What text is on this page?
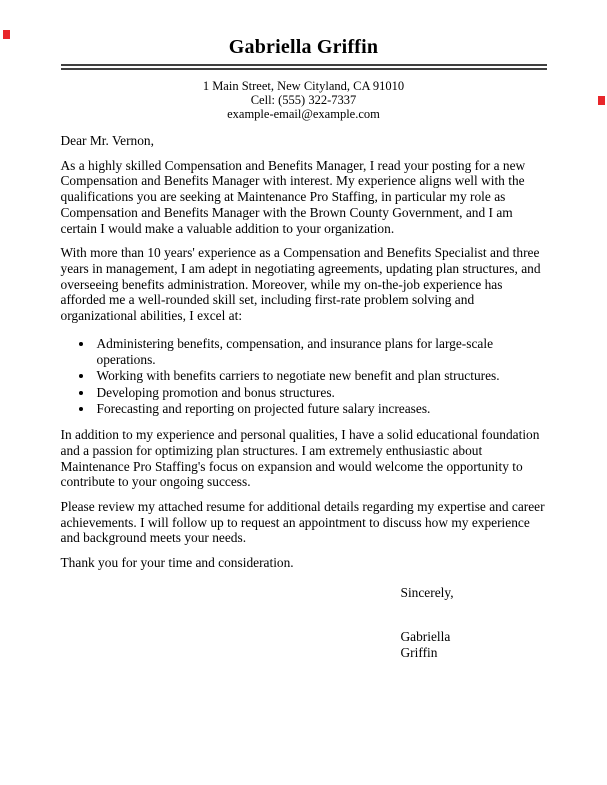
Gabriella Griffin
1 Main Street, New Cityland, CA 91010
Cell: (555) 322-7337
example-email@example.com
Dear Mr. Vernon,

As a highly skilled Compensation and Benefits Manager, I read your posting for a new Compensation and Benefits Manager with interest. My experience aligns well with the qualifications you are seeking at Maintenance Pro Staffing, in particular my role as Compensation and Benefits Manager with the Brown County Government, and I am certain I would make a valuable addition to your organization.

With more than 10 years' experience as a Compensation and Benefits Specialist and three years in management, I am adept in negotiating agreements, updating plan structures, and overseeing benefits administration. Moreover, while my on-the-job experience has afforded me a well-rounded skill set, including first-rate problem solving and organizational abilities, I excel at:

• Administering benefits, compensation, and insurance plans for large-scale operations.
• Working with benefits carriers to negotiate new benefit and plan structures.
• Developing promotion and bonus structures.
• Forecasting and reporting on projected future salary increases.

In addition to my experience and personal qualities, I have a solid educational foundation and a passion for optimizing plan structures. I am extremely enthusiastic about Maintenance Pro Staffing's focus on expansion and would welcome the opportunity to contribute to your ongoing success.

Please review my attached resume for additional details regarding my expertise and career achievements. I will follow up to request an appointment to discuss how my experience and background meets your needs.

Thank you for your time and consideration.

Sincerely,
Gabriella
Griffin
